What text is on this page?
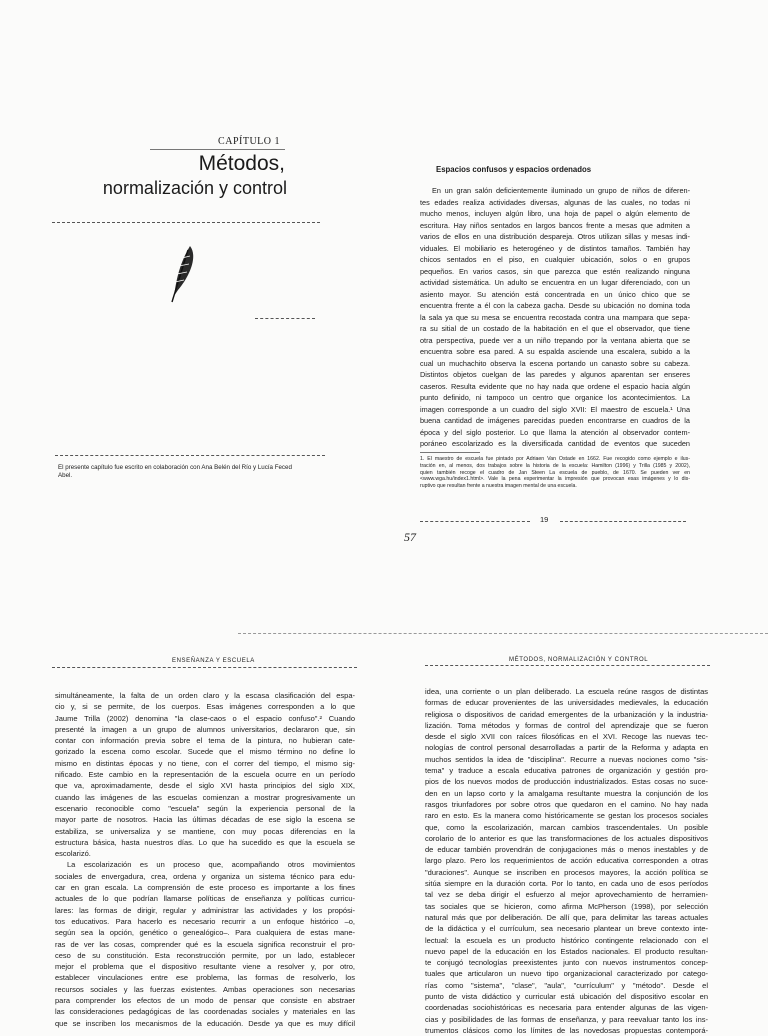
CAPÍTULO 1
Métodos,
normalización y control
El presente capítulo fue escrito en colaboración con Ana Belén del Río y Lucía Feced
Abel.
Espacios confusos y espacios ordenados
En un gran salón deficientemente iluminado un grupo de niños de diferen-
tes edades realiza actividades diversas, algunas de las cuales, no todas ni
mucho menos, incluyen algún libro, una hoja de papel o algún elemento de
escritura. Hay niños sentados en largos bancos frente a mesas que admiten a
varios de ellos en una distribución despareja. Otros utilizan sillas y mesas indi-
viduales. El mobiliario es heterogéneo y de distintos tamaños. También hay
chicos sentados en el piso, en cualquier ubicación, solos o en grupos
pequeños. En varios casos, sin que parezca que estén realizando ninguna
actividad sistemática. Un adulto se encuentra en un lugar diferenciado, con un
asiento mayor. Su atención está concentrada en un único chico que se
encuentra frente a él con la cabeza gacha. Desde su ubicación no domina toda
la sala ya que su mesa se encuentra recostada contra una mampara que sepa-
ra su sitial de un costado de la habitación en el que el observador, que tiene
otra perspectiva, puede ver a un niño trepando por la ventana abierta que se
encuentra sobre esa pared. A su espalda asciende una escalera, subido a la
cual un muchachito observa la escena portando un canasto sobre su cabeza.
Distintos objetos cuelgan de las paredes y algunos aparentan ser enseres
caseros. Resulta evidente que no hay nada que ordene el espacio hacia algún
punto definido, ni tampoco un centro que organice los acontecimientos. La
imagen corresponde a un cuadro del siglo XVII: El maestro de escuela.¹ Una
buena cantidad de imágenes parecidas pueden encontrarse en cuadros de la
época y del siglo posterior. Lo que llama la atención al observador contem-
poráneo escolarizado es la diversificada cantidad de eventos que suceden
1. El maestro de escuela fue pintado por Adriaen Van Ostade en 1662. Fue recogido como ejemplo e ilus-
tración en, al menos, dos trabajos sobre la historia de la escuela: Hamilton (1996) y Trilla (1985 y 2002),
quien también recoge el cuadro de Jan Steen La escuela de pueblo, de 1670. Se pueden ver en
<www.wga.hu/index1.html>. Vale la pena experimentar la impresión que provocan esas imágenes y lo dis-
ruptivo que resultan frente a nuestra imagen mental de una escuela.
19
57
ENSEÑANZA Y ESCUELA
simultáneamente, la falta de un orden claro y la escasa clasificación del espa-
cio y, si se permite, de los cuerpos. Esas imágenes corresponden a lo que
Jaume Trilla (2002) denomina "la clase-caos o el espacio confuso".² Cuando
presenté la imagen a un grupo de alumnos universitarios, declararon que, sin
contar con información previa sobre el tema de la pintura, no hubieran cate-
gorizado la escena como escolar. Sucede que el mismo término no define lo
mismo en distintas épocas y no tiene, con el correr del tiempo, el mismo sig-
nificado. Este cambio en la representación de la escuela ocurre en un período
que va, aproximadamente, desde el siglo XVI hasta principios del siglo XIX,
cuando las imágenes de las escuelas comienzan a mostrar progresivamente un
escenario reconocible como "escuela" según la experiencia personal de la
mayor parte de nosotros. Hacia las últimas décadas de ese siglo la escena se
estabiliza, se universaliza y se mantiene, con muy pocas diferencias en la
estructura básica, hasta nuestros días. Lo que ha sucedido es que la escuela se
escolarizó.
La escolarización es un proceso que, acompañando otros movimientos
sociales de envergadura, crea, ordena y organiza un sistema técnico para edu-
car en gran escala. La comprensión de este proceso es importante a los fines
actuales de lo que podrían llamarse políticas de enseñanza y políticas curricu-
lares: las formas de dirigir, regular y administrar las actividades y los propósi-
tos educativos. Para hacerlo es necesario recurrir a un enfoque histórico –o,
según sea la opción, genético o genealógico–. Para cualquiera de estas mane-
ras de ver las cosas, comprender qué es la escuela significa reconstruir el pro-
ceso de su constitución. Esta reconstrucción permite, por un lado, establecer
mejor el problema que el dispositivo resultante viene a resolver y, por otro,
establecer vinculaciones entre ese problema, las formas de resolverlo, los
recursos sociales y las fuerzas existentes. Ambas operaciones son necesarias
para comprender los efectos de un modo de pensar que consiste en abstraer
las consideraciones pedagógicas de las coordenadas sociales y materiales en las
que se inscriben los mecanismos de la educación. Desde ya que es muy difícil
MÉTODOS, NORMALIZACIÓN Y CONTROL
idea, una corriente o un plan deliberado. La escuela reúne rasgos de distintas
formas de educar provenientes de las universidades medievales, la educación
religiosa o dispositivos de caridad emergentes de la urbanización y la industria-
lización. Toma métodos y formas de control del aprendizaje que se fueron
desde el siglo XVII con raíces filosóficas en el XVI. Recoge las nuevas tec-
nologías de control personal desarrolladas a partir de la Reforma y adapta en
muchos sentidos la idea de "disciplina". Recurre a nuevas nociones como "sis-
tema" y traduce a escala educativa patrones de organización y gestión pro-
pios de los nuevos modos de producción industrializados. Estas cosas no suce-
den en un lapso corto y la amalgama resultante muestra la conjunción de los
rasgos triunfadores por sobre otros que quedaron en el camino. No hay nada
raro en esto. Es la manera como históricamente se gestan los procesos sociales
que, como la escolarización, marcan cambios trascendentales. Un posible
corolario de lo anterior es que las transformaciones de los actuales dispositivos
de educar también provendrán de conjugaciones más o menos inestables y de
largo plazo. Pero los requerimientos de acción educativa corresponden a otras
"duraciones". Aunque se inscriben en procesos mayores, la acción política se
sitúa siempre en la duración corta. Por lo tanto, en cada uno de esos períodos
tal vez se deba dirigir el esfuerzo al mejor aprovechamiento de herramien-
tas sociales que se hicieron, como afirma McPherson (1998), por selección
natural más que por deliberación. De allí que, para delimitar las tareas actuales
de la didáctica y el currículum, sea necesario plantear un breve contexto inte-
lectual: la escuela es un producto histórico contingente relacionado con el
nuevo papel de la educación en los Estados nacionales. El producto resultan-
te conjugó tecnologías preexistentes junto con nuevos instrumentos concep-
tuales que articularon un nuevo tipo organizacional caracterizado por catego-
rías como "sistema", "clase", "aula", "currículum" y "método". Desde el
punto de vista didáctico y curricular está ubicación del dispositivo escolar en
coordenadas sociohistóricas es necesaria para entender algunas de las vigen-
cias y posibilidades de las formas de enseñanza, y para reevaluar tanto los ins-
trumentos clásicos como los límites de las novedosas propuestas contemporá-
